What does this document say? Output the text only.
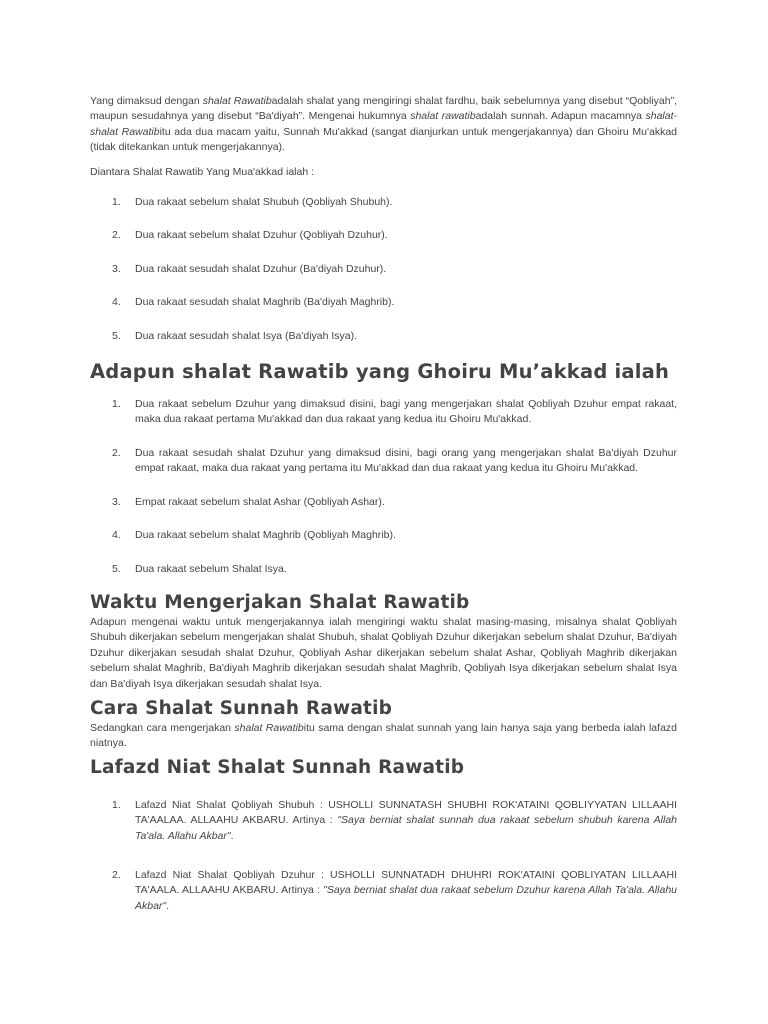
Yang dimaksud dengan shalat Rawatibadalah shalat yang mengiringi shalat fardhu, baik sebelumnya yang disebut “Qobliyah”, maupun sesudahnya yang disebut “Ba'diyah”. Mengenai hukumnya shalat rawatibadalah sunnah. Adapun macamnya shalat-shalat Rawatibitu ada dua macam yaitu, Sunnah Mu'akkad (sangat dianjurkan untuk mengerjakannya) dan Ghoiru Mu'akkad (tidak ditekankan untuk mengerjakannya).

Diantara Shalat Rawatib Yang Mua'akkad ialah :

1. Dua rakaat sebelum shalat Shubuh (Qobliyah Shubuh).
2. Dua rakaat sebelum shalat Dzuhur (Qobliyah Dzuhur).
3. Dua rakaat sesudah shalat Dzuhur (Ba'diyah Dzuhur).
4. Dua rakaat sesudah shalat Maghrib (Ba'diyah Maghrib).
5. Dua rakaat sesudah shalat Isya (Ba'diyah Isya).
Adapun shalat Rawatib yang Ghoiru Mu’akkad ialah
1. Dua rakaat sebelum Dzuhur yang dimaksud disini, bagi yang mengerjakan shalat Qobliyah Dzuhur empat rakaat, maka dua rakaat pertama Mu'akkad dan dua rakaat yang kedua itu Ghoiru Mu'akkad.
2. Dua rakaat sesudah shalat Dzuhur yang dimaksud disini, bagi orang yang mengerjakan shalat Ba'diyah Dzuhur empat rakaat, maka dua rakaat yang pertama itu Mu'akkad dan dua rakaat yang kedua itu Ghoiru Mu'akkad.
3. Empat rakaat sebelum shalat Ashar (Qobliyah Ashar).
4. Dua rakaat sebelum shalat Maghrib (Qobliyah Maghrib).
5. Dua rakaat sebelum Shalat Isya.
Waktu Mengerjakan Shalat Rawatib

Adapun mengenai waktu untuk mengerjakannya ialah mengiringi waktu shalat masing-masing, misalnya shalat Qobliyah Shubuh dikerjakan sebelum mengerjakan shalat Shubuh, shalat Qobliyah Dzuhur dikerjakan sebelum shalat Dzuhur, Ba'diyah Dzuhur dikerjakan sesudah shalat Dzuhur, Qobliyah Ashar dikerjakan sebelum shalat Ashar, Qobliyah Maghrib dikerjakan sebelum shalat Maghrib, Ba'diyah Maghrib dikerjakan sesudah shalat Maghrib, Qobliyah Isya dikerjakan sebelum shalat Isya dan Ba'diyah Isya dikerjakan sesudah shalat Isya.

Cara Shalat Sunnah Rawatib

Sedangkan cara mengerjakan shalat Rawatibitu sama dengan shalat sunnah yang lain hanya saja yang berbeda ialah lafazd niatnya.

Lafazd Niat Shalat Sunnah Rawatib
1. Lafazd Niat Shalat Qobliyah Shubuh : USHOLLI SUNNATASH SHUBHI ROK'ATAINI QOBLIYYATAN LILLAAHI TA'AALAA. ALLAAHU AKBARU. Artinya : "Saya berniat shalat sunnah dua rakaat sebelum shubuh karena Allah Ta'ala. Allahu Akbar".
2. Lafazd Niat Shalat Qobliyah Dzuhur : USHOLLI SUNNATADH DHUHRI ROK'ATAINI QOBLIYATAN LILLAAHI TA'AALA. ALLAAHU AKBARU. Artinya : "Saya berniat shalat dua rakaat sebelum Dzuhur karena Allah Ta'ala. Allahu Akbar".
